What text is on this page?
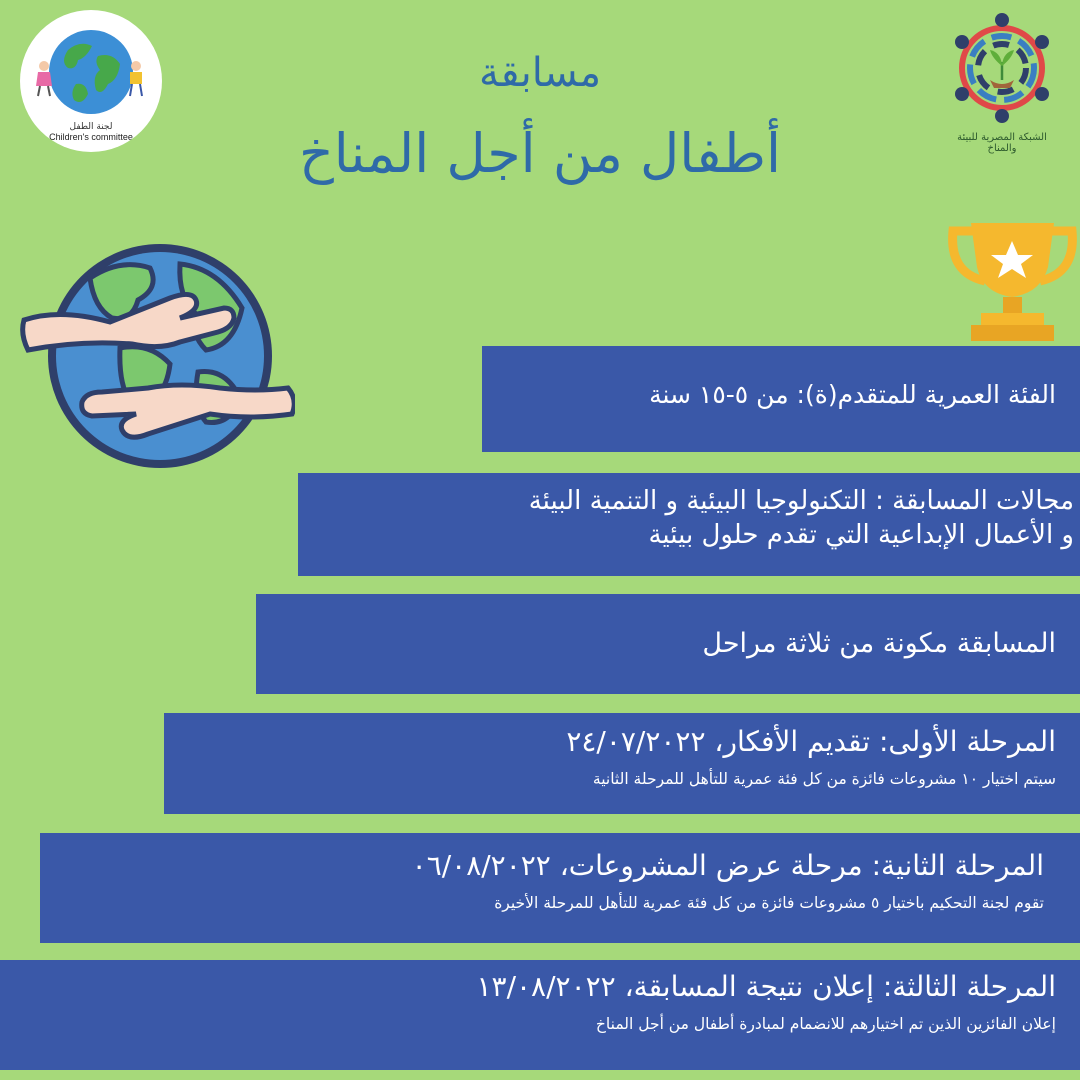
لجنة الطفل
Children's committee	الشبكة المصرية للبيئة والمناخ
مسابقة
أطفال من أجل المناخ
الفئة العمرية للمتقدم(ة): من ٥-١٥ سنة
مجالات المسابقة : التكنولوجيا البيئية و التنمية البيئة
و الأعمال الإبداعية التي تقدم حلول بيئية
المسابقة مكونة من ثلاثة مراحل
المرحلة الأولى: تقديم الأفكار، ٢٤/٠٧/٢٠٢٢
سيتم اختيار ١٠ مشروعات فائزة من كل فئة عمرية للتأهل للمرحلة الثانية
المرحلة الثانية: مرحلة عرض المشروعات، ٠٦/٠٨/٢٠٢٢
تقوم لجنة التحكيم باختيار ٥ مشروعات فائزة من كل فئة عمرية للتأهل للمرحلة الأخيرة
المرحلة الثالثة: إعلان نتيجة المسابقة، ١٣/٠٨/٢٠٢٢
إعلان الفائزين الذين تم اختيارهم للانضمام لمبادرة أطفال من أجل المناخ
